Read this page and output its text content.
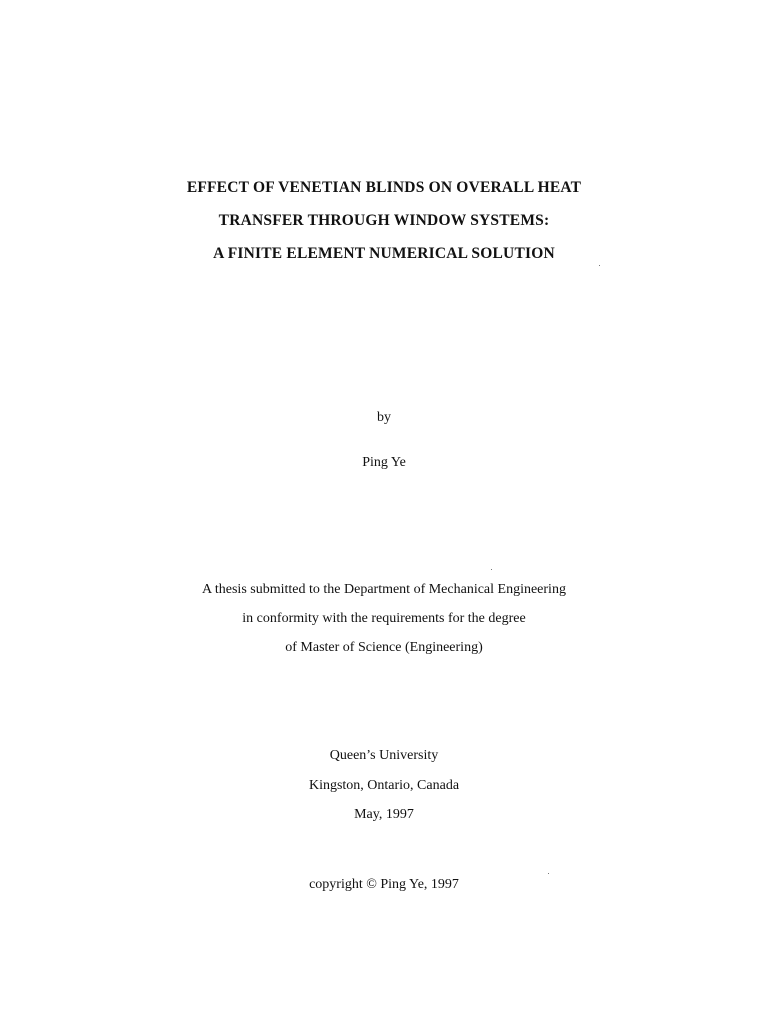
EFFECT OF VENETIAN BLINDS ON OVERALL HEAT
TRANSFER THROUGH WINDOW SYSTEMS:
A FINITE ELEMENT NUMERICAL SOLUTION
by
Ping Ye
A thesis submitted to the Department of Mechanical Engineering
in conformity with the requirements for the degree
of Master of Science (Engineering)
Queen’s University
Kingston, Ontario, Canada
May, 1997
copyright © Ping Ye, 1997
